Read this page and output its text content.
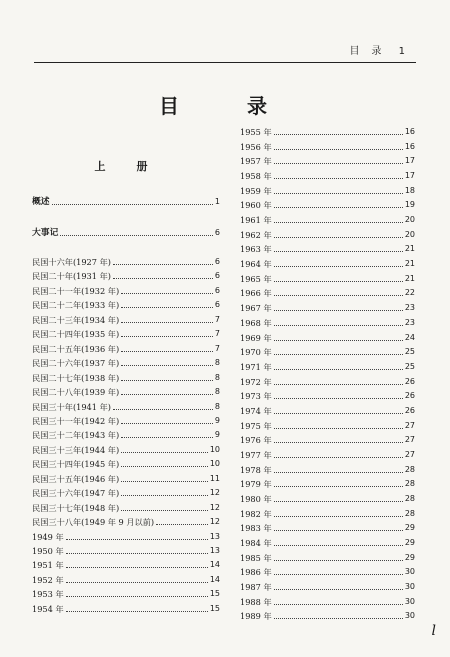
目　录 1
目　录
上　册
概述	1
大事记	6
民国十六年(1927 年)	6
民国二十年(1931 年)	6
民国二十一年(1932 年)	6
民国二十二年(1933 年)	6
民国二十三年(1934 年)	7
民国二十四年(1935 年)	7
民国二十五年(1936 年)	7
民国二十六年(1937 年)	8
民国二十七年(1938 年)	8
民国二十八年(1939 年)	8
民国三十年(1941 年)	8
民国三十一年(1942 年)	9
民国三十二年(1943 年)	9
民国三十三年(1944 年)	10
民国三十四年(1945 年)	10
民国三十五年(1946 年)	11
民国三十六年(1947 年)	12
民国三十七年(1948 年)	12
民国三十八年(1949 年 9 月以前)	12
1949 年	13
1950 年	13
1951 年	14
1952 年	14
1953 年	15
1954 年	15
1955 年	16
1956 年	16
1957 年	17
1958 年	17
1959 年	18
1960 年	19
1961 年	20
1962 年	20
1963 年	21
1964 年	21
1965 年	21
1966 年	22
1967 年	23
1968 年	23
1969 年	24
1970 年	25
1971 年	25
1972 年	26
1973 年	26
1974 年	26
1975 年	27
1976 年	27
1977 年	27
1978 年	28
1979 年	28
1980 年	28
1982 年	28
1983 年	29
1984 年	29
1985 年	29
1986 年	30
1987 年	30
1988 年	30
1989 年	30
l
